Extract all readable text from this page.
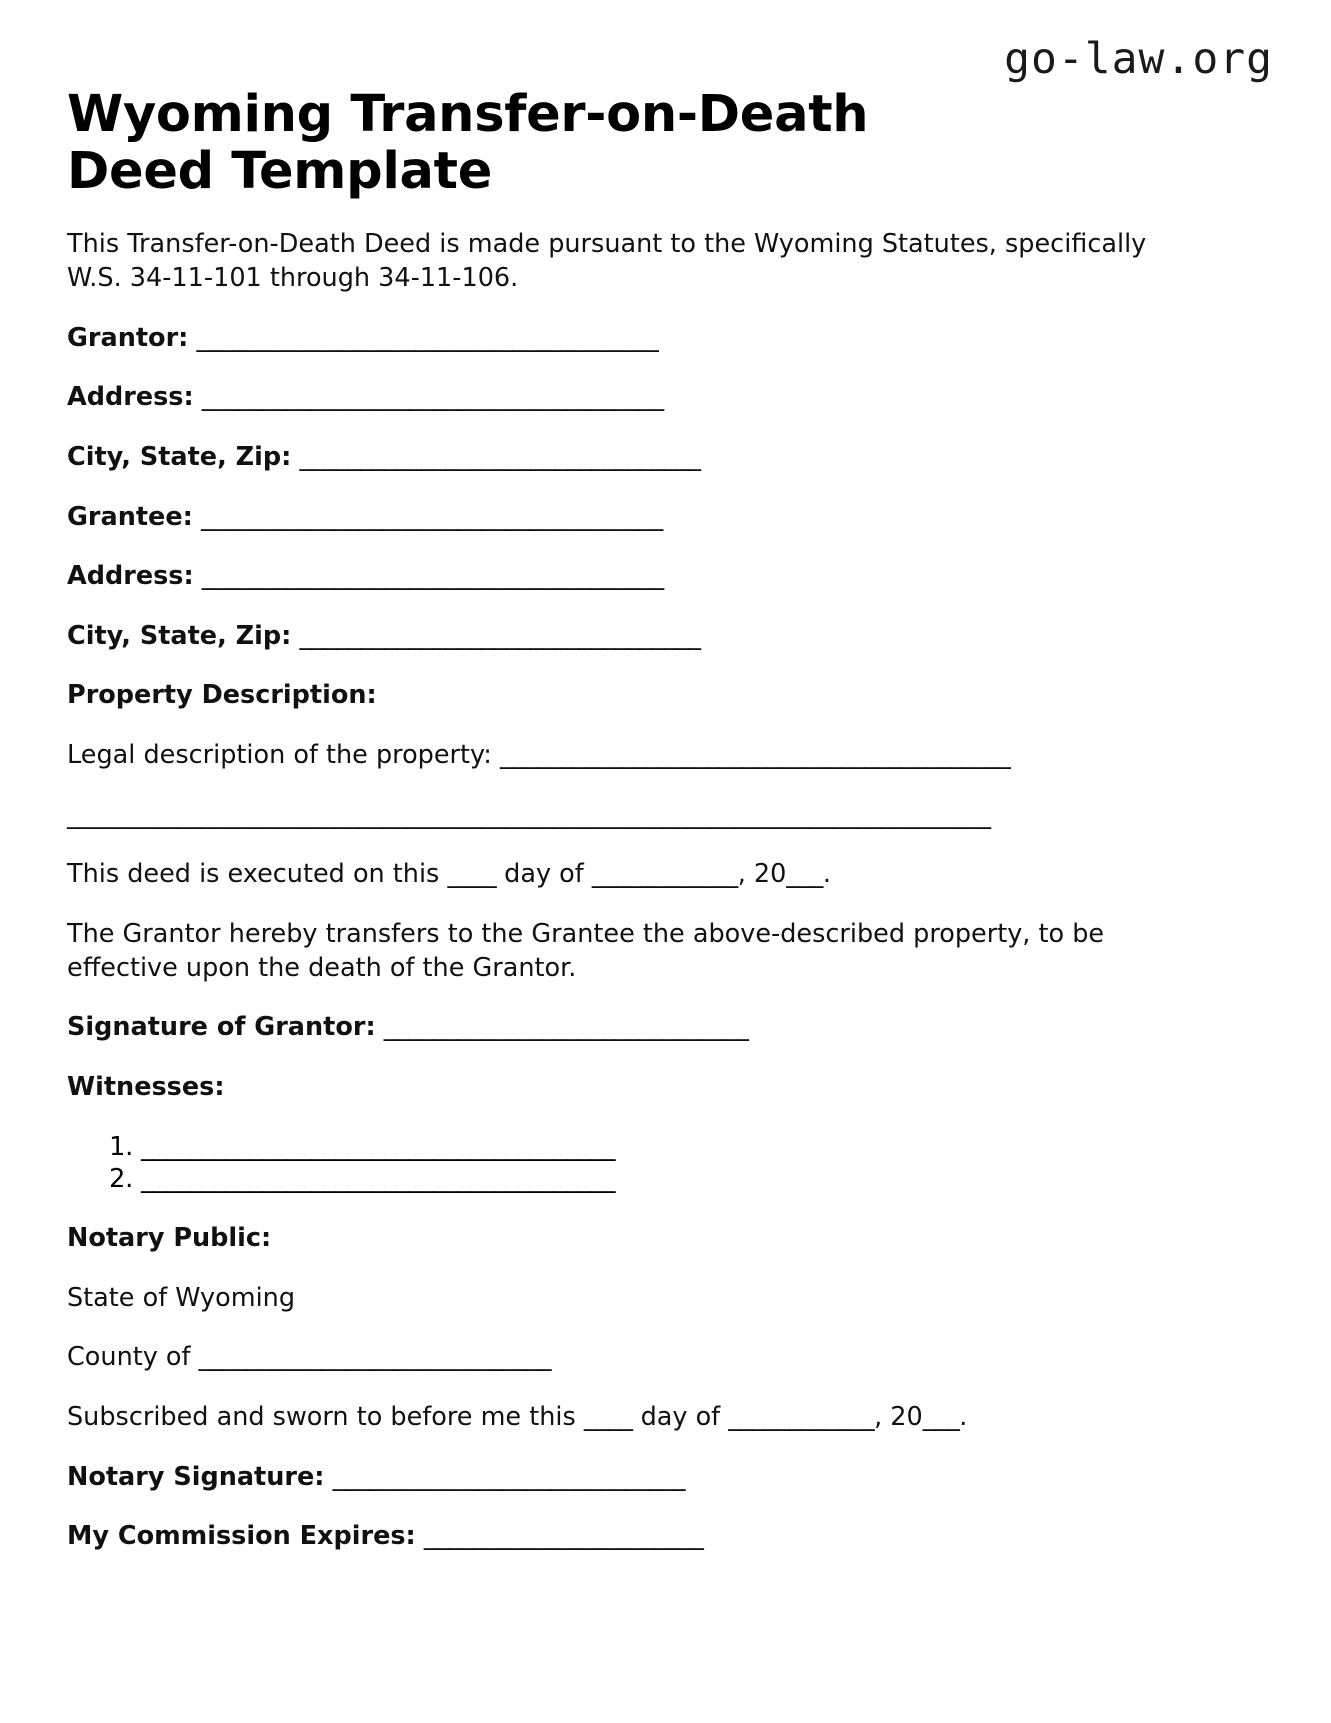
go-law.org
Wyoming Transfer-on-Death Deed Template

This Transfer-on-Death Deed is made pursuant to the Wyoming Statutes, specifically W.S. 34-11-101 through 34-11-106.

Grantor: ______________________________________

Address: ______________________________________

City, State, Zip: _________________________________

Grantee: ______________________________________

Address: ______________________________________

City, State, Zip: _________________________________

Property Description:

Legal description of the property: __________________________________________

____________________________________________________________________________

This deed is executed on this ____ day of ____________, 20___.

The Grantor hereby transfers to the Grantee the above-described property, to be effective upon the death of the Grantor.

Signature of Grantor: ______________________________

Witnesses:

1. _______________________________________
2. _______________________________________

Notary Public:

State of Wyoming

County of _____________________________

Subscribed and sworn to before me this ____ day of ____________, 20___.

Notary Signature: _____________________________

My Commission Expires: _______________________
